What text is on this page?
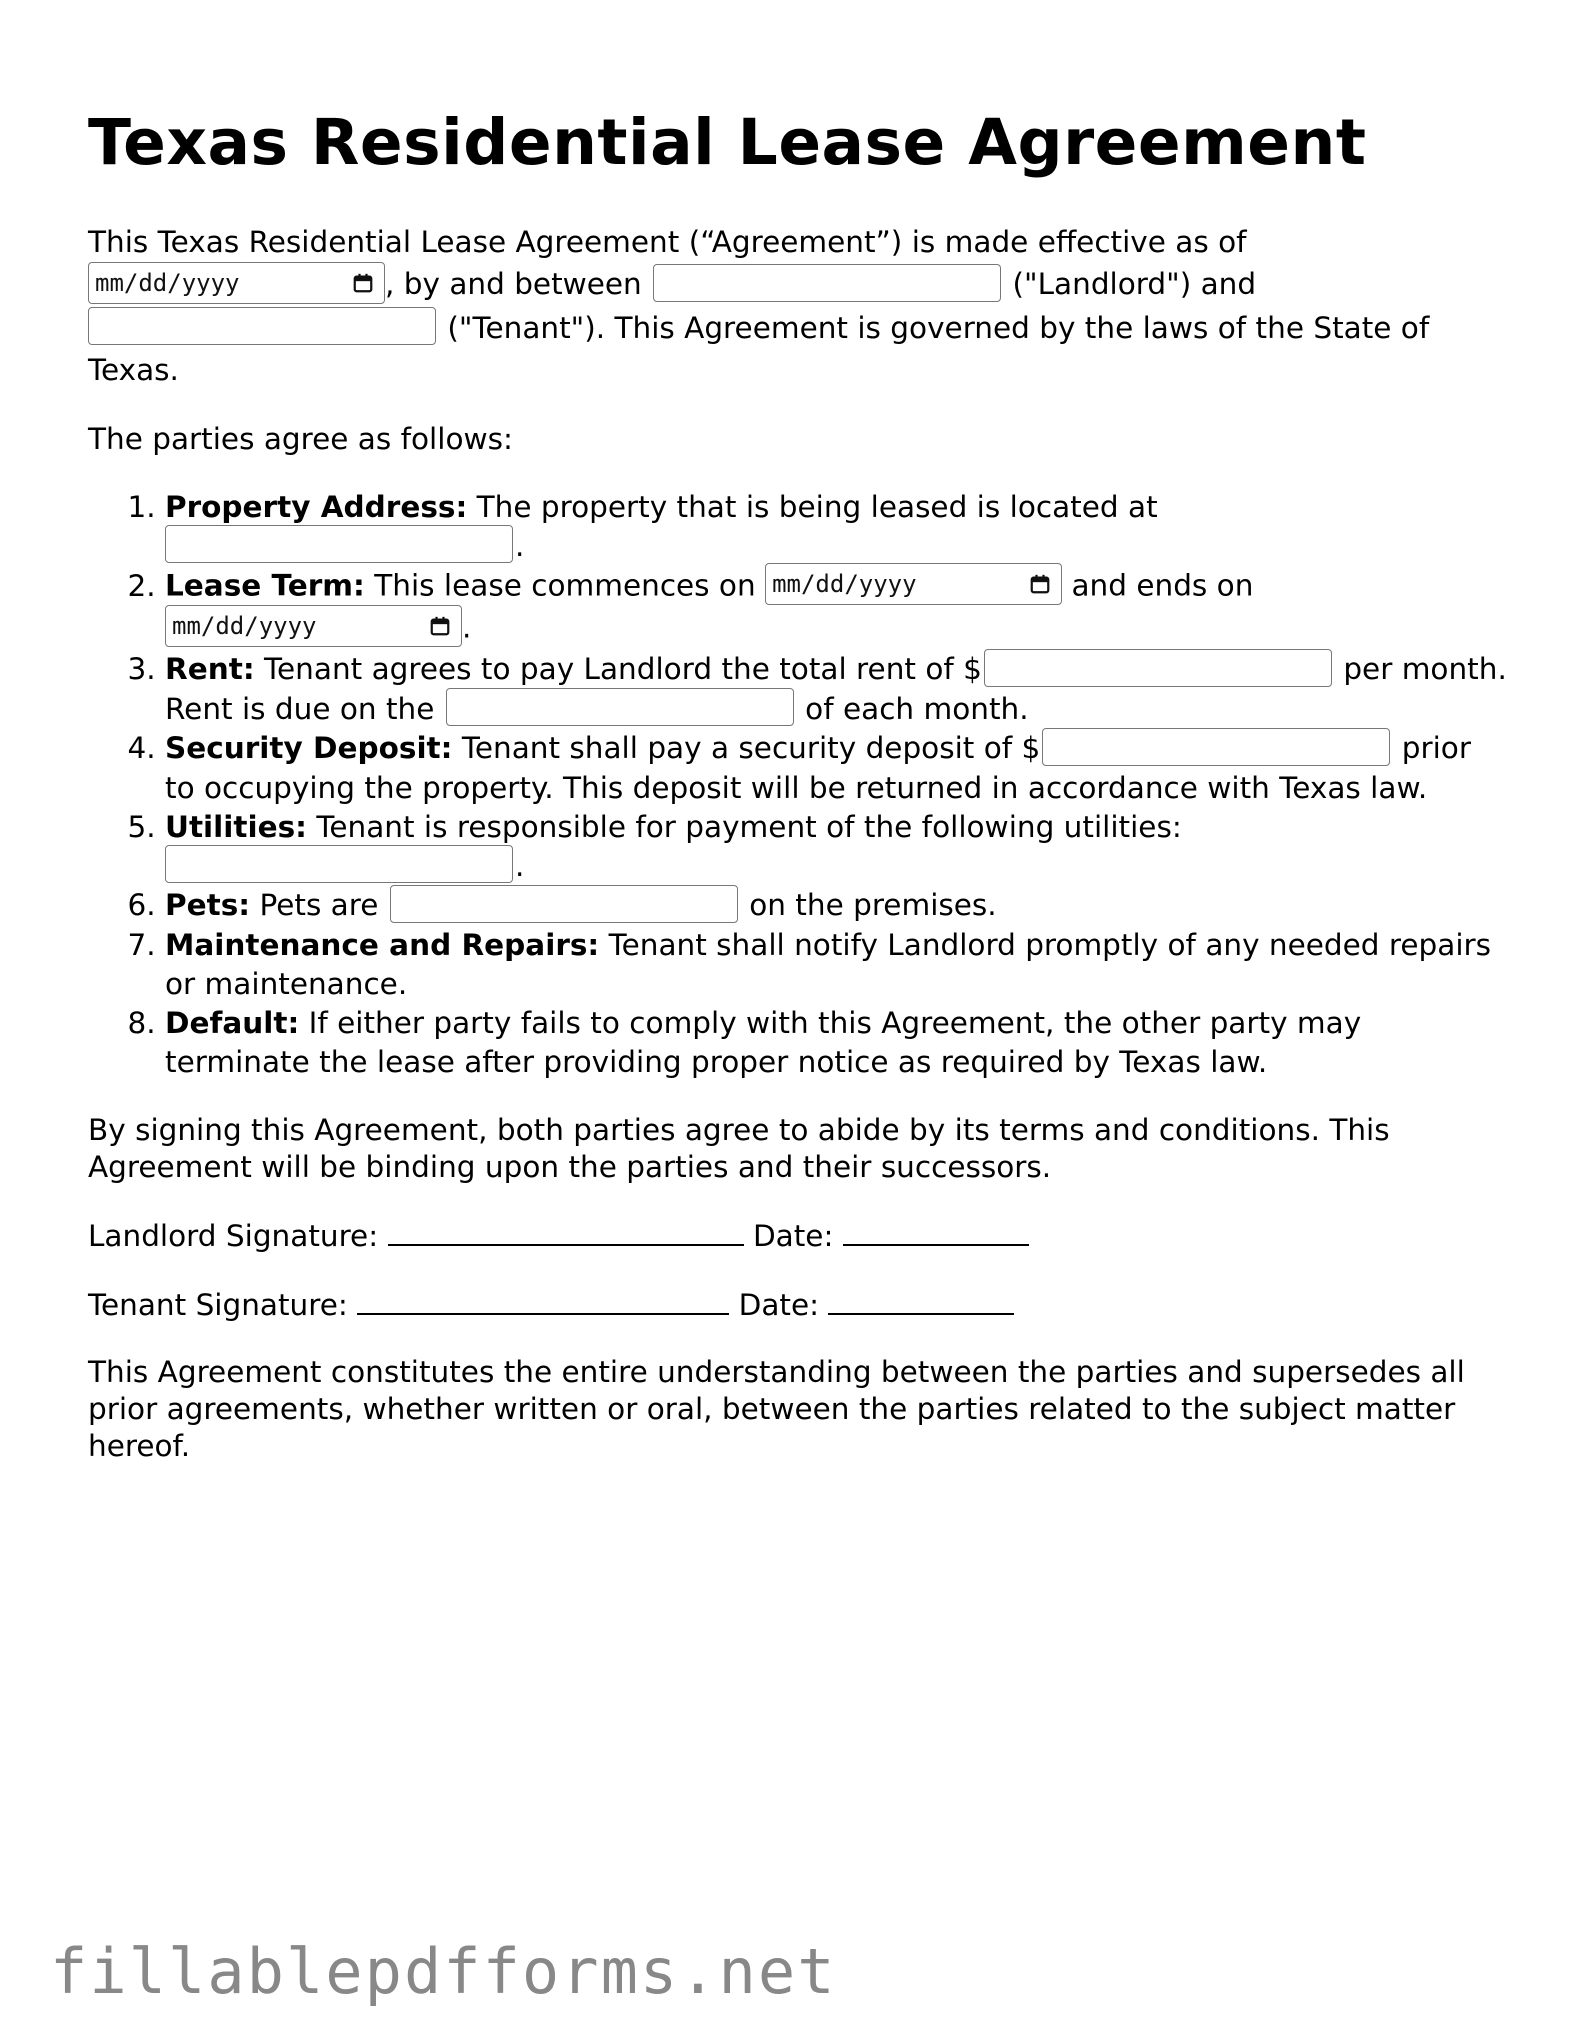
Texas Residential Lease Agreement

This Texas Residential Lease Agreement (“Agreement”) is made effective as of

mm/dd/yyyy	, by and between	("Landlord") and
("Tenant"). This Agreement is governed by the laws of the State of Texas.

The parties agree as follows:

1. Property Address: The property that is being leased is located at
.
2. Lease Term: This lease commences on mm/dd/yyyy	and ends on

mm/dd/yyyy	.
3. Rent: Tenant agrees to pay Landlord the total rent of $	per month. Rent is due on the	of each month.
4. Security Deposit: Tenant shall pay a security deposit of $	prior to occupying the property. This deposit will be returned in accordance with Texas law.
5. Utilities: Tenant is responsible for payment of the following utilities:
.
6. Pets: Pets are	on the premises.
7. Maintenance and Repairs: Tenant shall notify Landlord promptly of any needed repairs or maintenance.
8. Default: If either party fails to comply with this Agreement, the other party may terminate the lease after providing proper notice as required by Texas law.

By signing this Agreement, both parties agree to abide by its terms and conditions. This Agreement will be binding upon the parties and their successors.

Landlord Signature:	Date:

Tenant Signature:	Date:

This Agreement constitutes the entire understanding between the parties and supersedes all prior agreements, whether written or oral, between the parties related to the subject matter hereof.

fillablepdfforms.net
